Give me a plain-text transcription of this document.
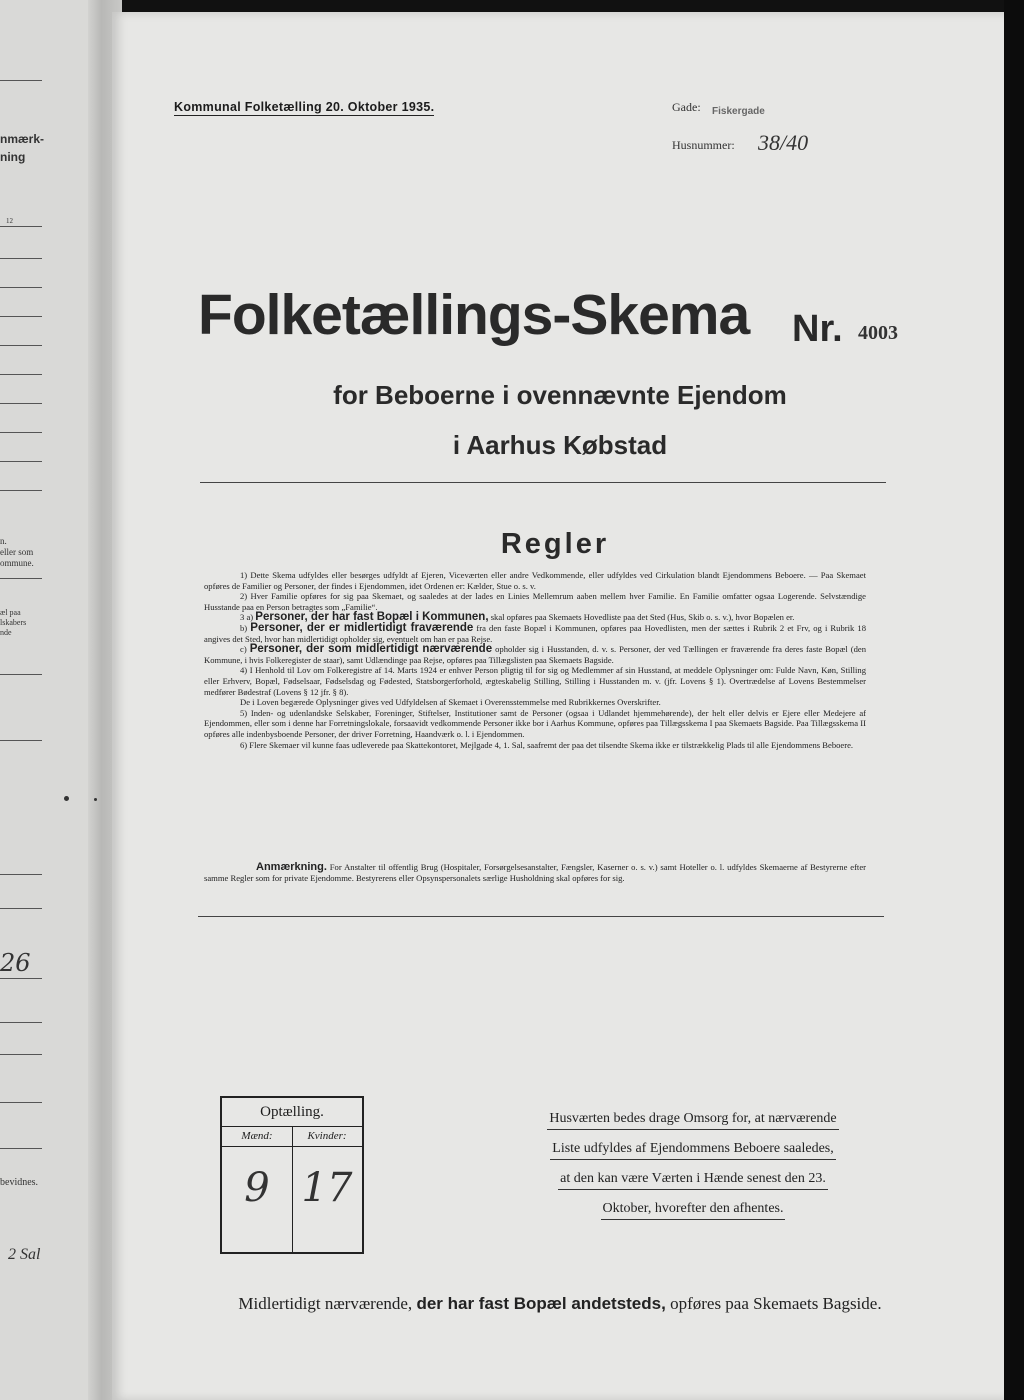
nmærk-
ning
12
n.
eller som
ommune.
æl paa
lskabers
nde
26
bevidnes.
2 Sal
Kommunal Folketælling 20. Oktober 1935.	Gade: Fiskergade
Husnummer: 38/40
Folketællings-Skema Nr. 4003
for Beboerne i ovennævnte Ejendom
i Aarhus Købstad
Regler

1) Dette Skema udfyldes eller besørges udfyldt af Ejeren, Viceværten eller andre Vedkommende, eller udfyldes ved Cirkulation blandt Ejendommens Beboere. — Paa Skemaet opføres de Familier og Personer, der findes i Ejendommen, idet Ordenen er: Kælder, Stue o. s. v.

2) Hver Familie opføres for sig paa Skemaet, og saaledes at der lades en Linies Mellemrum aaben mellem hver Familie. En Familie omfatter ogsaa Logerende. Selvstændige Husstande paa en Person betragtes som „Familie“.

3 a) Personer, der har fast Bopæl i Kommunen, skal opføres paa Skemaets Hovedliste paa det Sted (Hus, Skib o. s. v.), hvor Bopælen er.

b) Personer, der er midlertidigt fraværende fra den faste Bopæl i Kommunen, opføres paa Hovedlisten, men der sættes i Rubrik 2 et Frv, og i Rubrik 18 angives det Sted, hvor han midlertidigt opholder sig, eventuelt om han er paa Rejse.

c) Personer, der som midlertidigt nærværende opholder sig i Husstanden, d. v. s. Personer, der ved Tællingen er fraværende fra deres faste Bopæl (den Kommune, i hvis Folkeregister de staar), samt Udlændinge paa Rejse, opføres paa Tillægslisten paa Skemaets Bagside.

4) I Henhold til Lov om Folkeregistre af 14. Marts 1924 er enhver Person pligtig til for sig og Medlemmer af sin Husstand, at meddele Oplysninger om: Fulde Navn, Køn, Stilling eller Erhverv, Bopæl, Fødselsaar, Fødselsdag og Fødested, Statsborgerforhold, ægteskabelig Stilling, Stilling i Husstanden m. v. (jfr. Lovens § 1). Overtrædelse af Lovens Bestemmelser medfører Bødestraf (Lovens § 12 jfr. § 8).

De i Loven begærede Oplysninger gives ved Udfyldelsen af Skemaet i Overensstemmelse med Rubrikkernes Overskrifter.

5) Inden- og udenlandske Selskaber, Foreninger, Stiftelser, Institutioner samt de Personer (ogsaa i Udlandet hjemmehørende), der helt eller delvis er Ejere eller Medejere af Ejendommen, eller som i denne har Forretningslokale, forsaavidt vedkommende Personer ikke bor i Aarhus Kommune, opføres paa Tillægsskema I paa Skemaets Bagside. Paa Tillægsskema II opføres alle indenbysboende Personer, der driver Forretning, Haandværk o. l. i Ejendommen.

6) Flere Skemaer vil kunne faas udleverede paa Skattekontoret, Mejlgade 4, 1. Sal, saafremt der paa det tilsendte Skema ikke er tilstrækkelig Plads til alle Ejendommens Beboere.

Anmærkning. For Anstalter til offentlig Brug (Hospitaler, Forsørgelsesanstalter, Fængsler, Kaserner o. s. v.) samt Hoteller o. l. udfyldes Skemaerne af Bestyrerne efter samme Regler som for private Ejendomme. Bestyrerens eller Opsynspersonalets særlige Husholdning skal opføres for sig.

Optælling.
Mænd:
9
Kvinder:
17
Husværten bedes drage Omsorg for, at nærværende
Liste udfyldes af Ejendommens Beboere saaledes,
at den kan være Værten i Hænde senest den 23.
Oktober, hvorefter den afhentes.
Midlertidigt nærværende, der har fast Bopæl andetsteds, opføres paa Skemaets Bagside.
